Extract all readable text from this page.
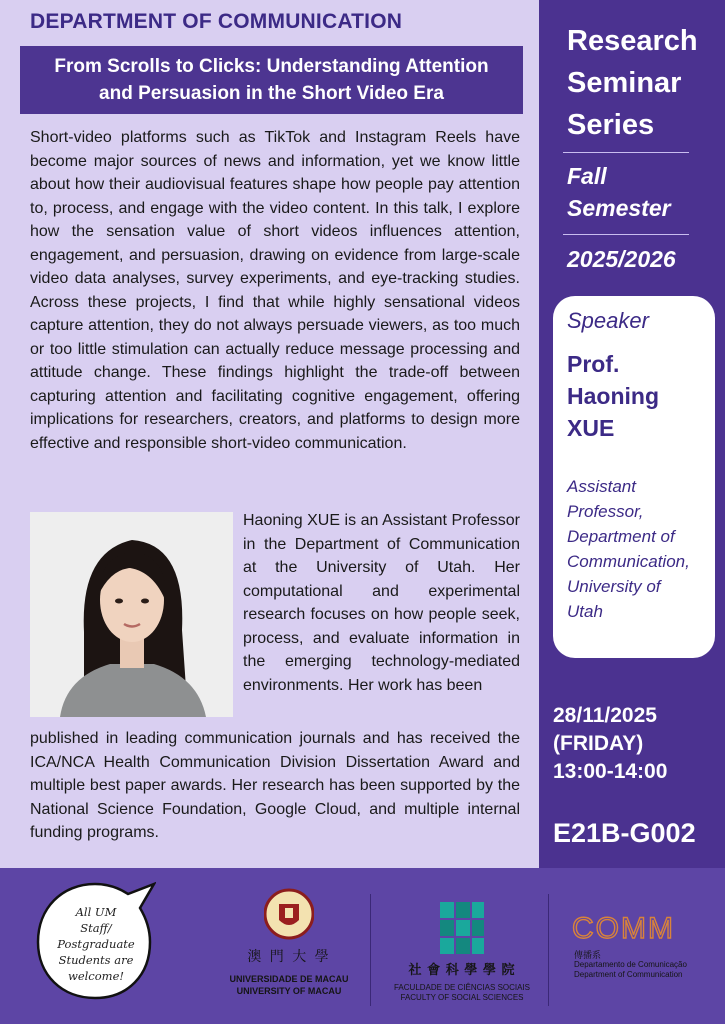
DEPARTMENT OF COMMUNICATION
From Scrolls to Clicks: Understanding Attention
and Persuasion in the Short Video Era

Short-video platforms such as TikTok and Instagram Reels have become major sources of news and information, yet we know little about how their audiovisual features shape how people pay attention to, process, and engage with the video content. In this talk, I explore how the sensation value of short videos influences attention, engagement, and persuasion, drawing on evidence from large-scale video data analyses, survey experiments, and eye-tracking studies. Across these projects, I find that while highly sensational videos capture attention, they do not always persuade viewers, as too much or too little stimulation can actually reduce message processing and attitude change. These findings highlight the trade-off between capturing attention and facilitating cognitive engagement, offering implications for researchers, creators, and platforms to design more effective and responsible short-video communication.

Haoning XUE is an Assistant Professor in the Department of Communication at the University of Utah. Her computational and experimental research focuses on how people seek, process, and evaluate information in the emerging technology-mediated environments. Her work has been

published in leading communication journals and has received the ICA/NCA Health Communication Division Dissertation Award and multiple best paper awards. Her research has been supported by the National Science Foundation, Google Cloud, and multiple internal funding programs.

Research
Seminar
Series
Fall
Semester
2025/2026
Speaker
Prof.
Haoning
XUE
Assistant
Professor,
Department of
Communication,
University of
Utah
28/11/2025
(FRIDAY)
13:00-14:00
E21B-G002
All UM
Staff/
Postgraduate
Students are
welcome!
澳 門 大 學
UNIVERSIDADE DE MACAU
UNIVERSITY OF MACAU
社 會 科 學 學 院
FACULDADE DE CIÊNCIAS SOCIAIS
FACULTY OF SOCIAL SCIENCES
COMM
傳播系
Departamento de Comunicação
Department of Communication
